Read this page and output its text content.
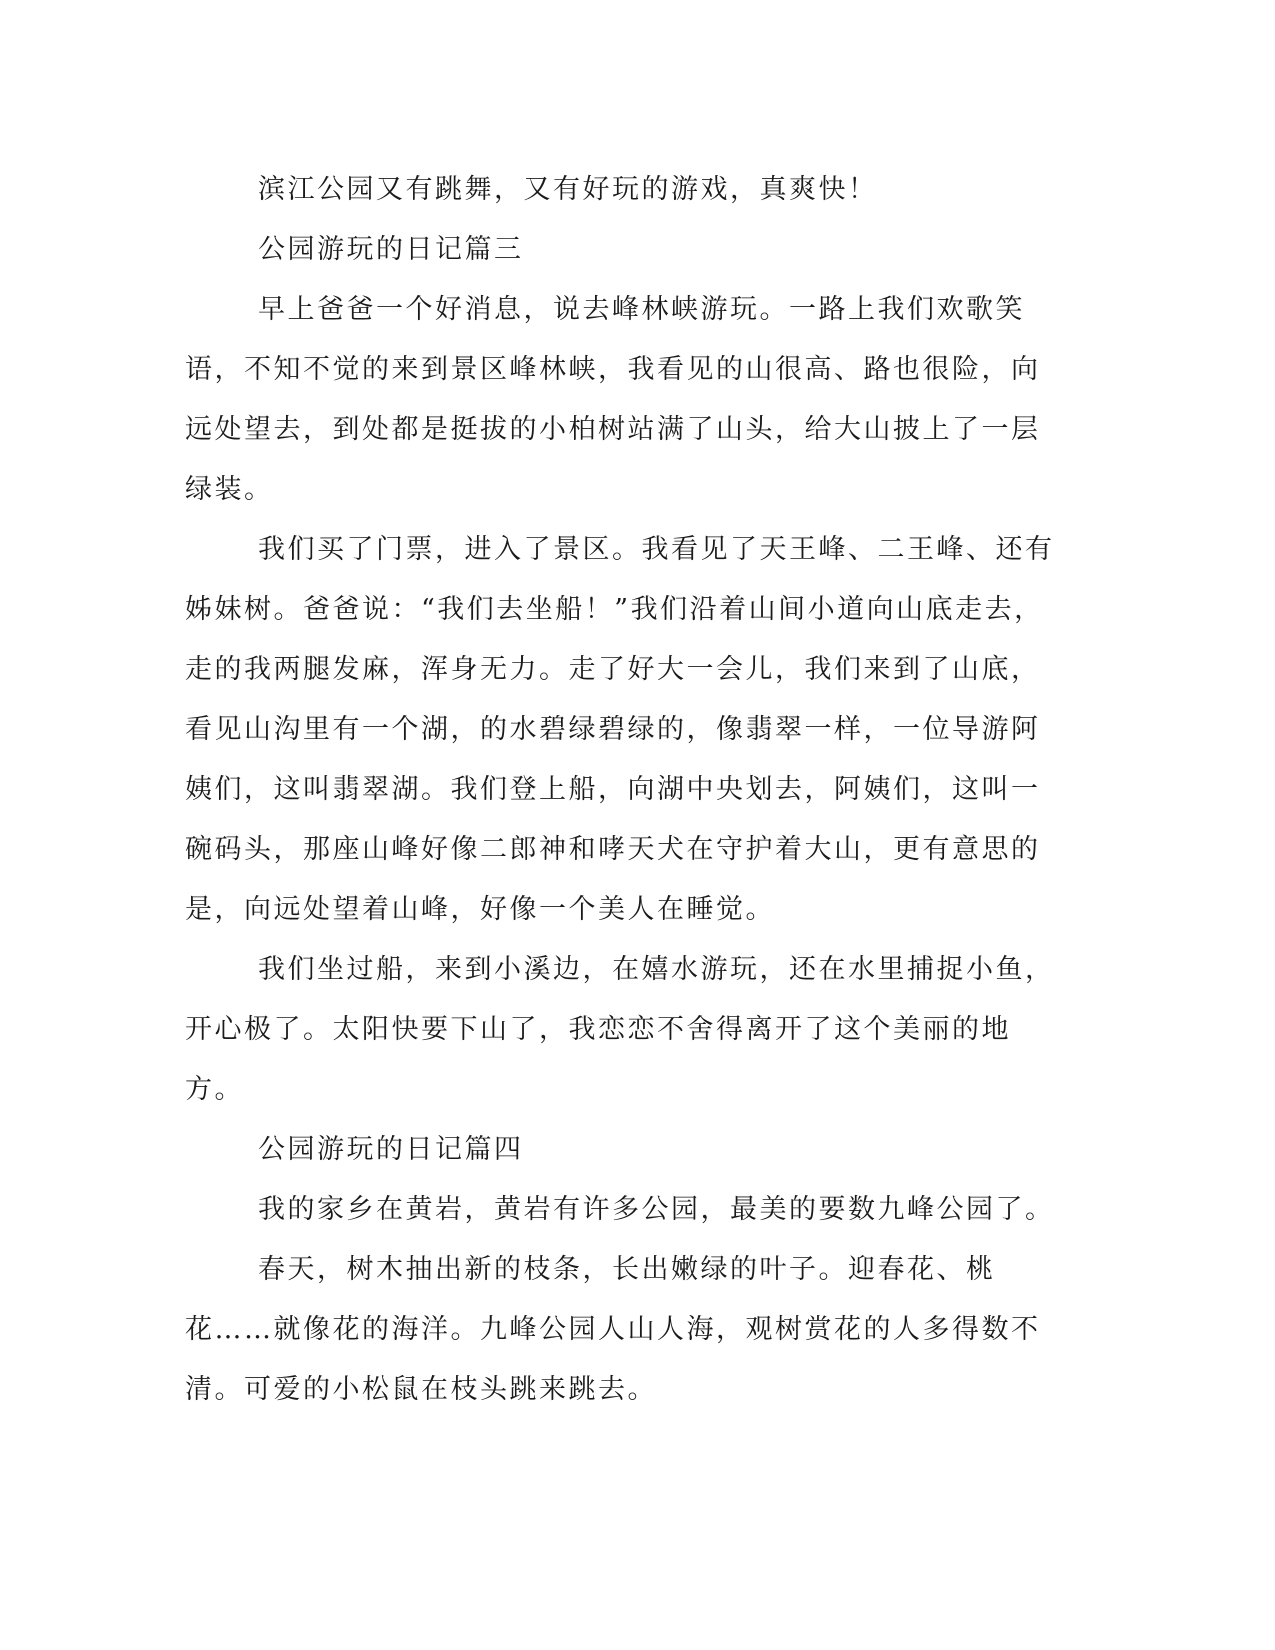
滨江公园又有跳舞，又有好玩的游戏，真爽快！

公园游玩的日记篇三

早上爸爸一个好消息，说去峰林峡游玩。一路上我们欢歌笑语，不知不觉的来到景区峰林峡，我看见的山很高、路也很险，向远处望去，到处都是挺拔的小柏树站满了山头，给大山披上了一层绿装。

我们买了门票，进入了景区。我看见了天王峰、二王峰、还有姊妹树。爸爸说：“我们去坐船！”我们沿着山间小道向山底走去，走的我两腿发麻，浑身无力。走了好大一会儿，我们来到了山底，看见山沟里有一个湖，的水碧绿碧绿的，像翡翠一样，一位导游阿姨们，这叫翡翠湖。我们登上船，向湖中央划去，阿姨们，这叫一碗码头，那座山峰好像二郎神和哮天犬在守护着大山，更有意思的是，向远处望着山峰，好像一个美人在睡觉。

我们坐过船，来到小溪边，在嬉水游玩，还在水里捕捉小鱼，开心极了。太阳快要下山了，我恋恋不舍得离开了这个美丽的地方。

公园游玩的日记篇四

我的家乡在黄岩，黄岩有许多公园，最美的要数九峰公园了。

春天，树木抽出新的枝条，长出嫩绿的叶子。迎春花、桃花……就像花的海洋。九峰公园人山人海，观树赏花的人多得数不清。可爱的小松鼠在枝头跳来跳去。
